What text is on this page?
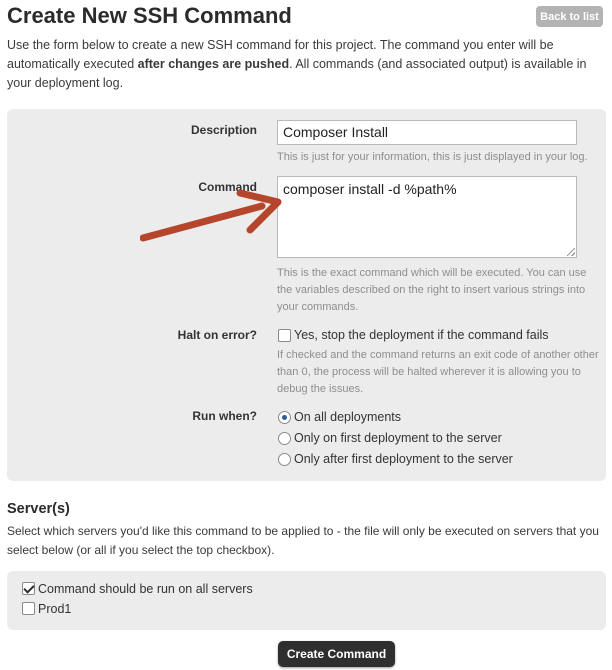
Create New SSH Command	Back to list
Use the form below to create a new SSH command for this project. The command you enter will be automatically executed after changes are pushed. All commands (and associated output) is available in your deployment log.
Description	Composer Install
This is just for your information, this is just displayed in your log.
Command	composer install -d %path%
This is the exact command which will be executed. You can use the variables described on the right to insert various strings into your commands.
Halt on error?	Yes, stop the deployment if the command fails
If checked and the command returns an exit code of another other than 0, the process will be halted wherever it is allowing you to debug the issues.
Run when?	On all deployments
Only on first deployment to the server
Only after first deployment to the server
Server(s)
Select which servers you'd like this command to be applied to - the file will only be executed on servers that you select below (or all if you select the top checkbox).
Command should be run on all servers
Prod1
Create Command
